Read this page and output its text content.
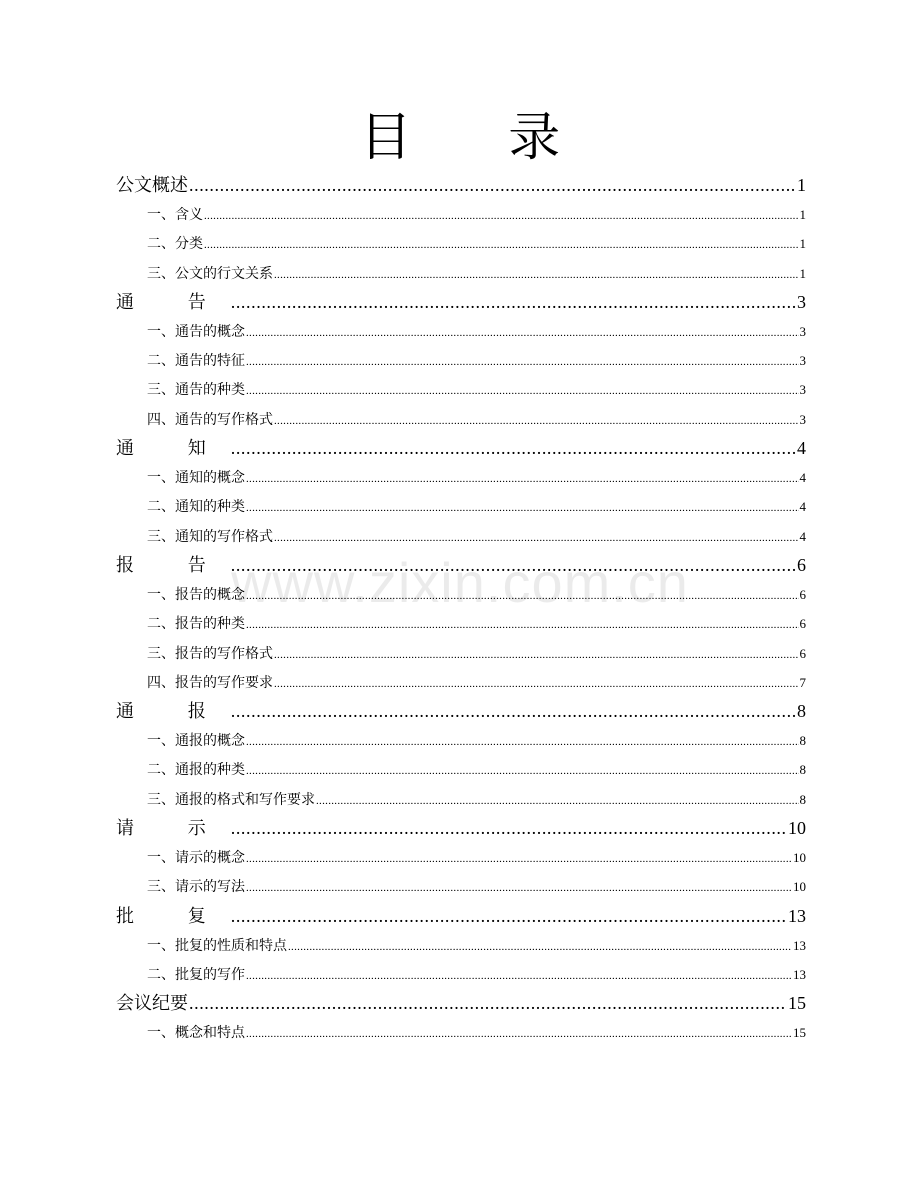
目 录
www.zixin.com.cn
公文概述 .....	1
一、含义 .....	1
二、分类 .....	1
三、公文的行文关系 .....	1
通 告 .....	3
一、通告的概念 .....	3
二、通告的特征 .....	3
三、通告的种类 .....	3
四、通告的写作格式 .....	3
通 知 .....	4
一、通知的概念 .....	4
二、通知的种类 .....	4
三、通知的写作格式 .....	4
报 告 .....	6
一、报告的概念 .....	6
二、报告的种类 .....	6
三、报告的写作格式 .....	6
四、报告的写作要求 .....	7
通 报 .....	8
一、通报的概念 .....	8
二、通报的种类 .....	8
三、通报的格式和写作要求 .....	8
请 示 .....	10
一、请示的概念 .....	10
三、请示的写法 .....	10
批 复 .....	13
一、批复的性质和特点 .....	13
二、批复的写作 .....	13
会议纪要 .....	15
一、概念和特点 .....	15
